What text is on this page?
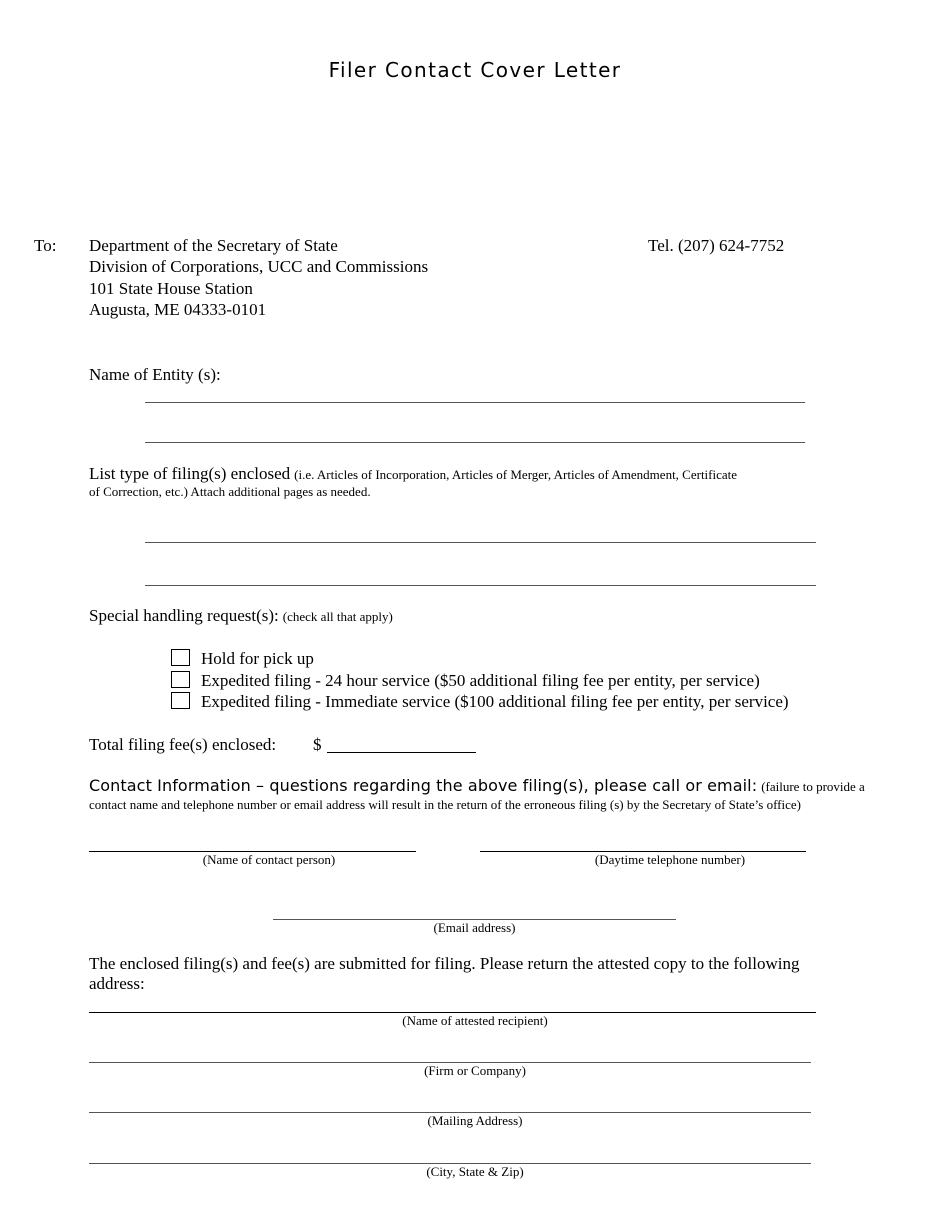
Filer Contact Cover Letter
To: Department of the Secretary of State
Division of Corporations, UCC and Commissions
101 State House Station
Augusta, ME 04333-0101
Tel. (207) 624-7752
Name of Entity (s):
List type of filing(s) enclosed (i.e. Articles of Incorporation, Articles of Merger, Articles of Amendment, Certificate
of Correction, etc.) Attach additional pages as needed.
Special handling request(s): (check all that apply)
Hold for pick up
Expedited filing - 24 hour service ($50 additional filing fee per entity, per service)
Expedited filing - Immediate service ($100 additional filing fee per entity, per service)
Total filing fee(s) enclosed: $
Contact Information – questions regarding the above filing(s), please call or email: (failure to provide a
contact name and telephone number or email address will result in the return of the erroneous filing (s) by the Secretary of State’s office)
(Name of contact person)	(Daytime telephone number)
(Email address)
The enclosed filing(s) and fee(s) are submitted for filing. Please return the attested copy to the following
address:
(Name of attested recipient)
(Firm or Company)
(Mailing Address)
(City, State & Zip)
